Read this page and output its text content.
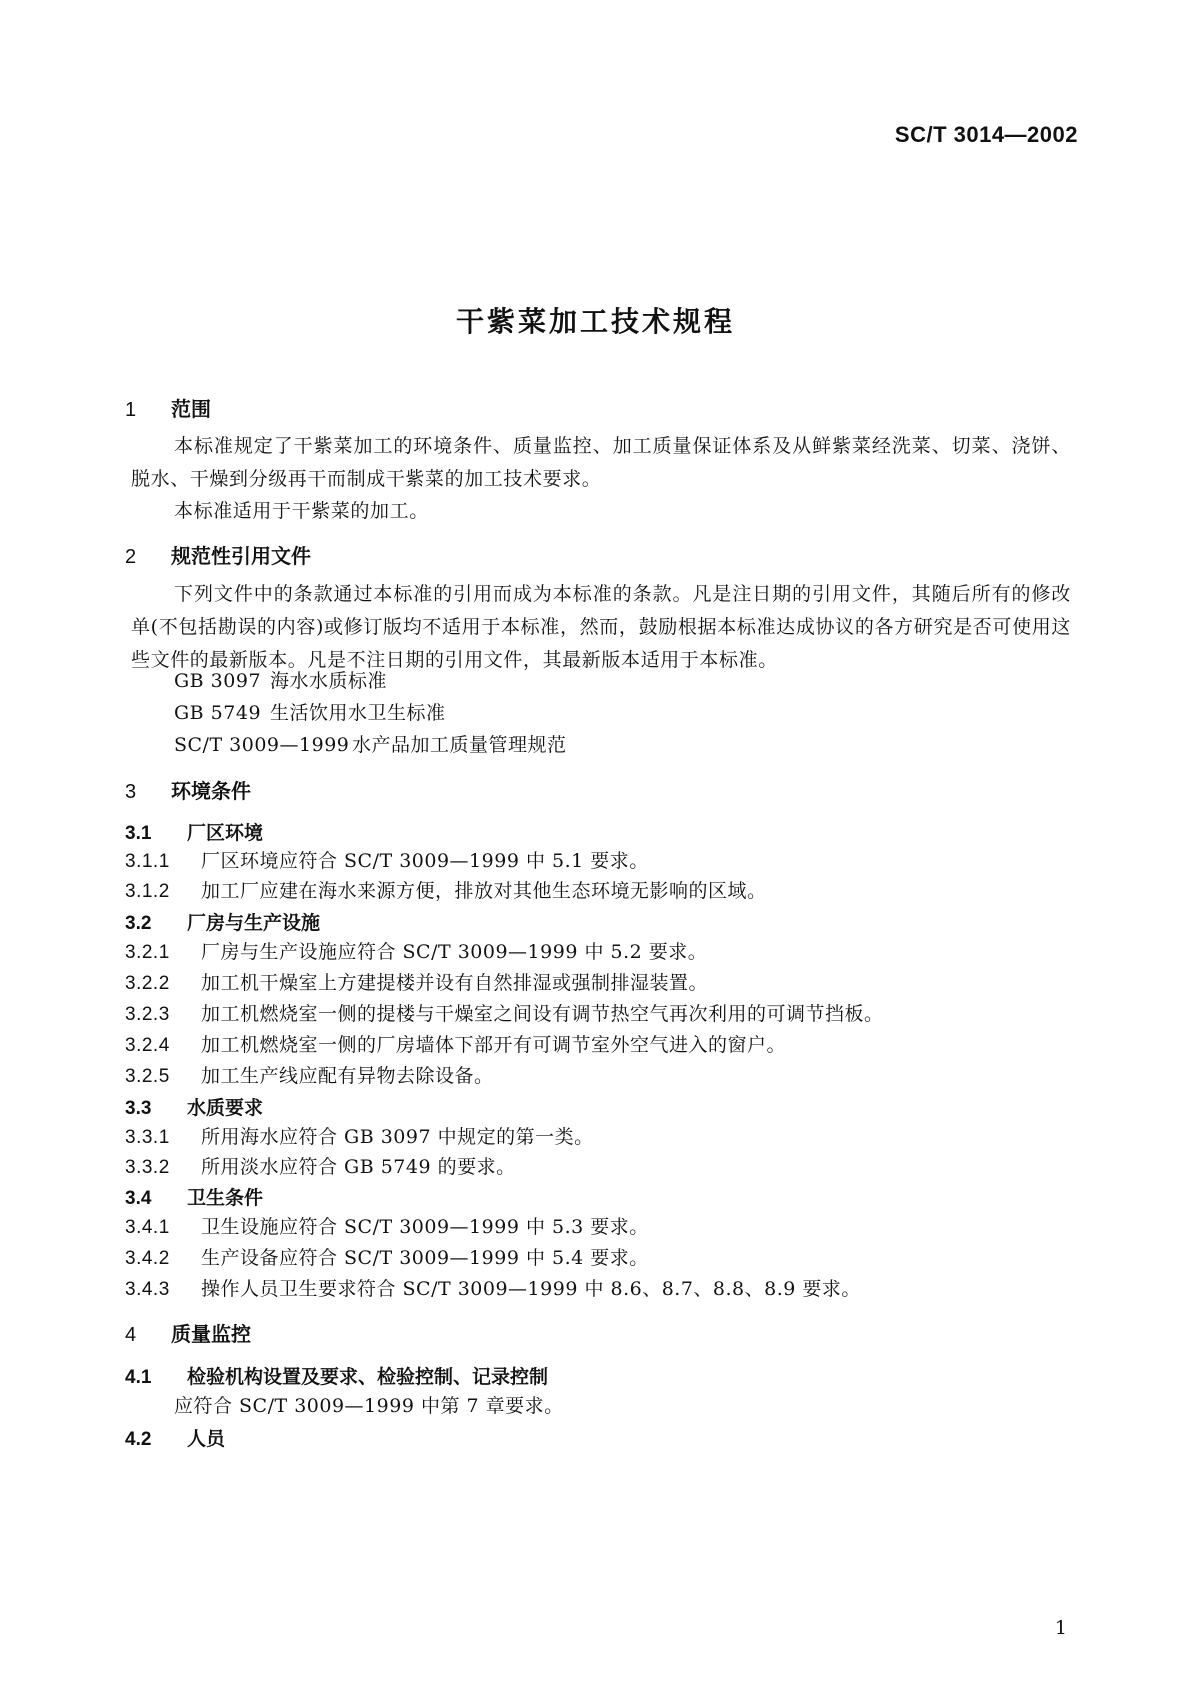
SC/T 3014—2002
干紫菜加工技术规程
1 范围
本标准规定了干紫菜加工的环境条件、质量监控、加工质量保证体系及从鲜紫菜经洗菜、切菜、浇饼、脱水、干燥到分级再干而制成干紫菜的加工技术要求。
本标准适用于干紫菜的加工。
2 规范性引用文件
下列文件中的条款通过本标准的引用而成为本标准的条款。凡是注日期的引用文件，其随后所有的修改单(不包括勘误的内容)或修订版均不适用于本标准，然而，鼓励根据本标准达成协议的各方研究是否可使用这些文件的最新版本。凡是不注日期的引用文件，其最新版本适用于本标准。
GB 3097 海水水质标准
GB 5749 生活饮用水卫生标准
SC/T 3009—1999 水产品加工质量管理规范
3 环境条件
3.1 厂区环境
3.1.1 厂区环境应符合 SC/T 3009—1999 中 5.1 要求。
3.1.2 加工厂应建在海水来源方便，排放对其他生态环境无影响的区域。
3.2 厂房与生产设施
3.2.1 厂房与生产设施应符合 SC/T 3009—1999 中 5.2 要求。
3.2.2 加工机干燥室上方建提楼并设有自然排湿或强制排湿装置。
3.2.3 加工机燃烧室一侧的提楼与干燥室之间设有调节热空气再次利用的可调节挡板。
3.2.4 加工机燃烧室一侧的厂房墙体下部开有可调节室外空气进入的窗户。
3.2.5 加工生产线应配有异物去除设备。
3.3 水质要求
3.3.1 所用海水应符合 GB 3097 中规定的第一类。
3.3.2 所用淡水应符合 GB 5749 的要求。
3.4 卫生条件
3.4.1 卫生设施应符合 SC/T 3009—1999 中 5.3 要求。
3.4.2 生产设备应符合 SC/T 3009—1999 中 5.4 要求。
3.4.3 操作人员卫生要求符合 SC/T 3009—1999 中 8.6、8.7、8.8、8.9 要求。
4 质量监控
4.1 检验机构设置及要求、检验控制、记录控制
应符合 SC/T 3009—1999 中第 7 章要求。
4.2 人员
1
